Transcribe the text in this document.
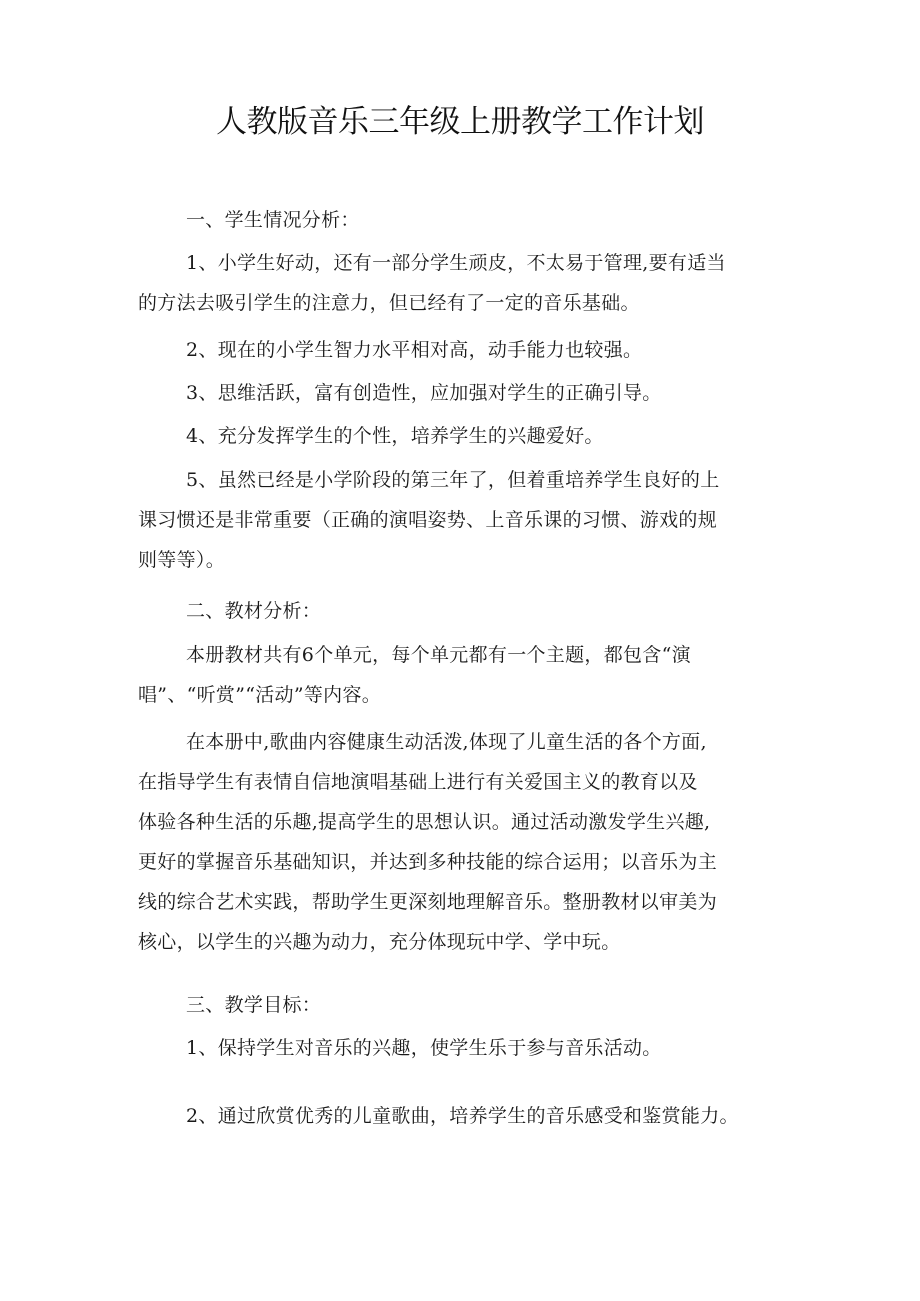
人教版音乐三年级上册教学工作计划

一、学生情况分析：

1、小学生好动，还有一部分学生顽皮，不太易于管理,要有适当
的方法去吸引学生的注意力，但已经有了一定的音乐基础。

2、现在的小学生智力水平相对高，动手能力也较强。

3、思维活跃，富有创造性，应加强对学生的正确引导。

4、充分发挥学生的个性，培养学生的兴趣爱好。

5、虽然已经是小学阶段的第三年了，但着重培养学生良好的上
课习惯还是非常重要（正确的演唱姿势、上音乐课的习惯、游戏的规
则等等）。

二、教材分析：

本册教材共有6个单元，每个单元都有一个主题，都包含“演
唱”、“听赏”“活动”等内容。

在本册中,歌曲内容健康生动活泼,体现了儿童生活的各个方面,
在指导学生有表情自信地演唱基础上进行有关爱国主义的教育以及
体验各种生活的乐趣,提高学生的思想认识。通过活动激发学生兴趣,
更好的掌握音乐基础知识，并达到多种技能的综合运用；以音乐为主
线的综合艺术实践，帮助学生更深刻地理解音乐。整册教材以审美为
核心，以学生的兴趣为动力，充分体现玩中学、学中玩。

三、教学目标：

1、保持学生对音乐的兴趣，使学生乐于参与音乐活动。

2、通过欣赏优秀的儿童歌曲，培养学生的音乐感受和鉴赏能力。
